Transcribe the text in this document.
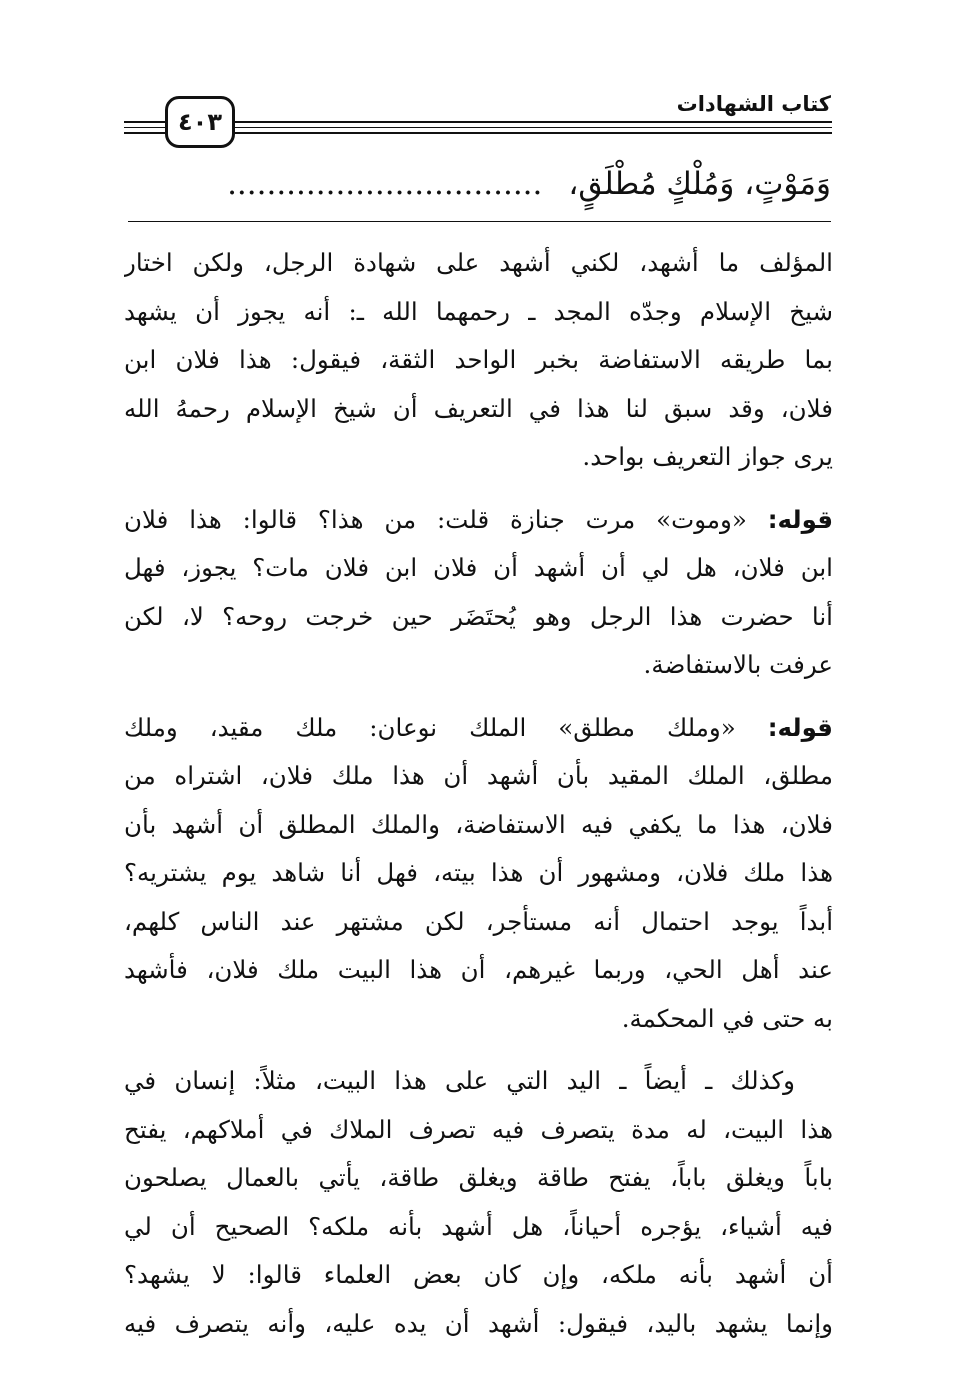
كتاب الشهادات
٤٠٣
وَمَوْتٍ، وَمُلْكٍ مُطْلَقٍ،................................
المؤلف ما أشهد، لكني أشهد على شهادة الرجل، ولكن اختار
شيخ الإسلام وجدّه المجد ـ رحمهما الله ـ: أنه يجوز أن يشهد
بما طريقه الاستفاضة بخبر الواحد الثقة، فيقول: هذا فلان ابن
فلان، وقد سبق لنا هذا في التعريف أن شيخ الإسلام رحمهُ الله
يرى جواز التعريف بواحد.
قوله: «وموت» مرت جنازة قلت: من هذا؟ قالوا: هذا فلان
ابن فلان، هل لي أن أشهد أن فلان ابن فلان مات؟ يجوز، فهل
أنا حضرت هذا الرجل وهو يُحتَضَر حين خرجت روحه؟ لا، لكن
عرفت بالاستفاضة.
قوله: «وملك مطلق» الملك نوعان: ملك مقيد، وملك
مطلق، الملك المقيد بأن أشهد أن هذا ملك فلان، اشتراه من
فلان، هذا ما يكفي فيه الاستفاضة، والملك المطلق أن أشهد بأن
هذا ملك فلان، ومشهور أن هذا بيته، فهل أنا شاهد يوم يشتريه؟
أبداً يوجد احتمال أنه مستأجر، لكن مشتهر عند الناس كلهم،
عند أهل الحي، وربما غيرهم، أن هذا البيت ملك فلان، فأشهد
به حتى في المحكمة.
وكذلك ـ أيضاً ـ اليد التي على هذا البيت، مثلاً: إنسان في
هذا البيت، له مدة يتصرف فيه تصرف الملاك في أملاكهم، يفتح
باباً ويغلق باباً، يفتح طاقة ويغلق طاقة، يأتي بالعمال يصلحون
فيه أشياء، يؤجره أحياناً، هل أشهد بأنه ملكه؟ الصحيح أن لي
أن أشهد بأنه ملكه، وإن كان بعض العلماء قالوا: لا يشهد؟
وإنما يشهد باليد، فيقول: أشهد أن يده عليه، وأنه يتصرف فيه
